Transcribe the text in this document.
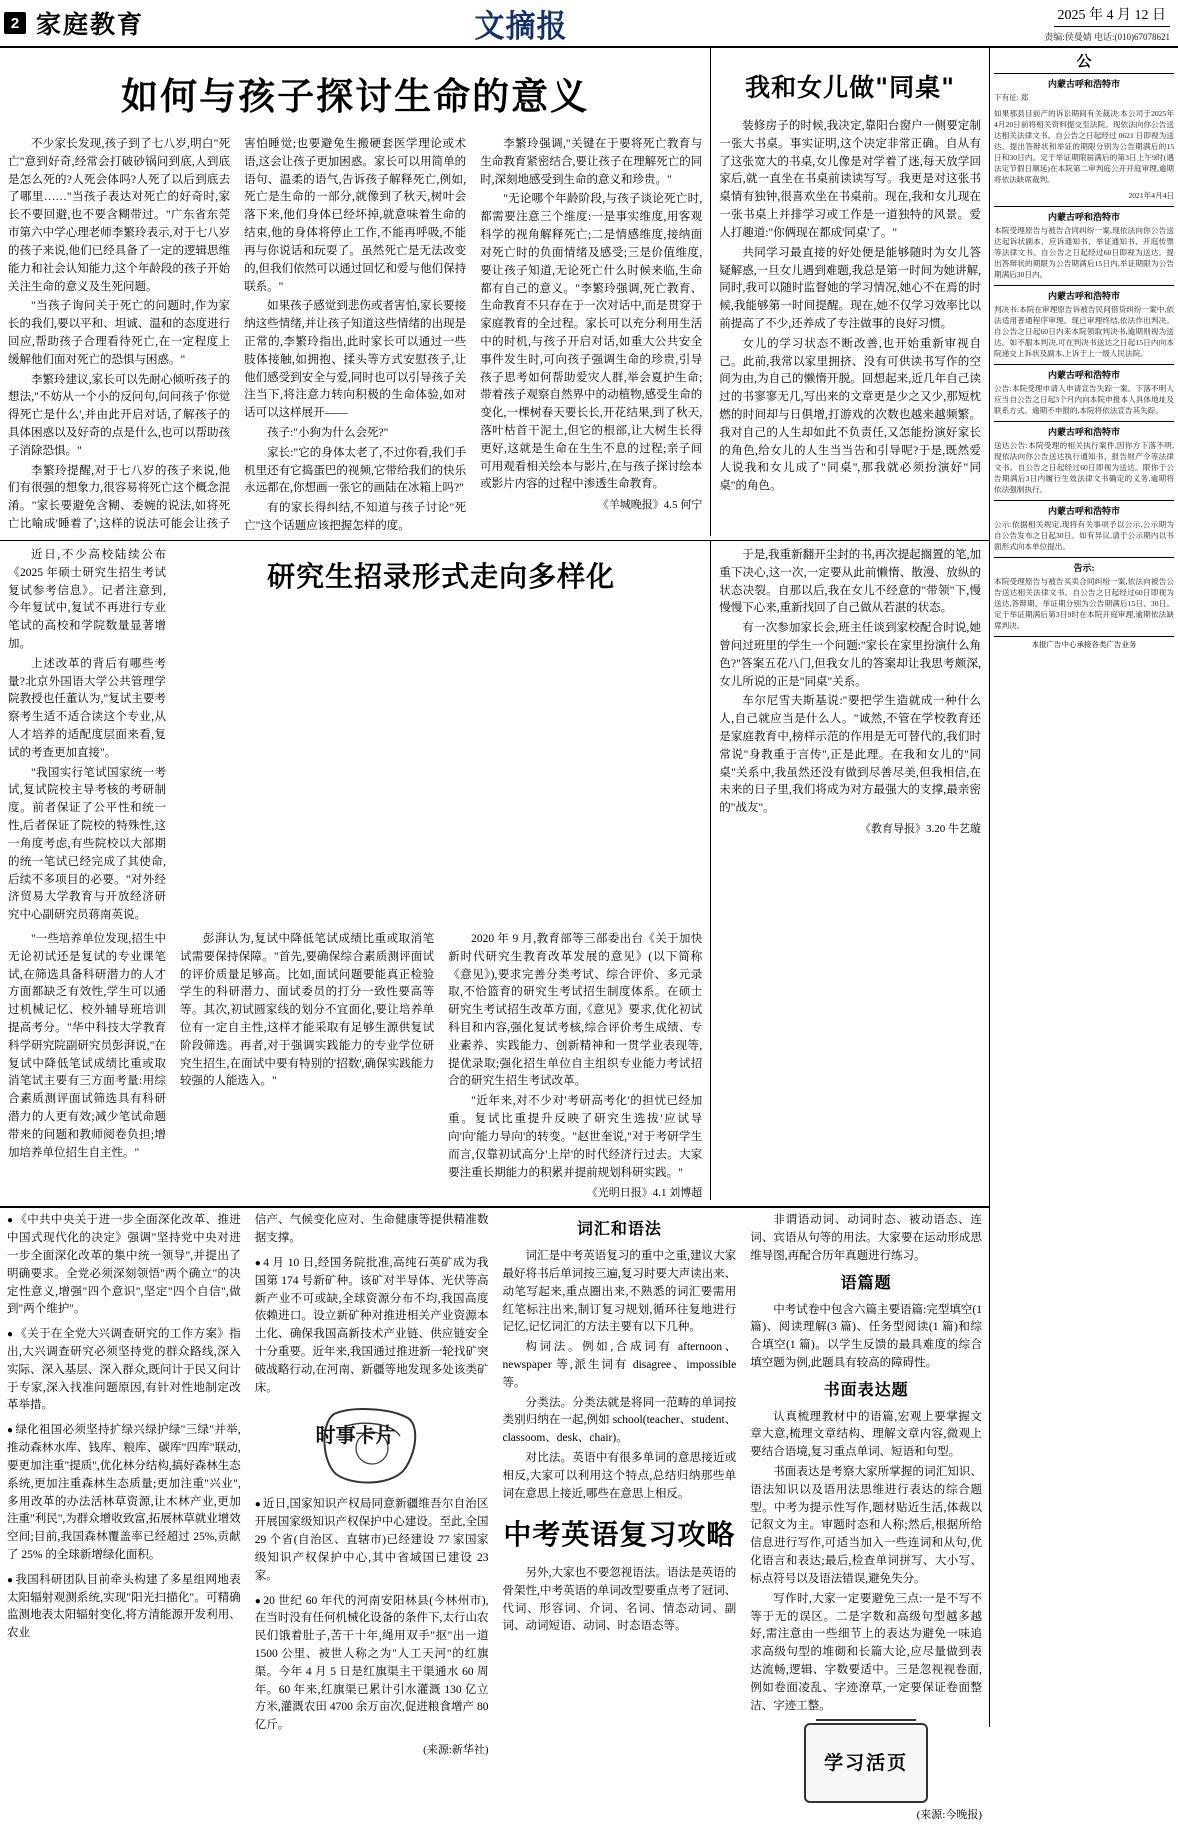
2 家庭教育	文摘报	2025 年 4 月 12 日
责编:侯曼婧 电话:(010)67078621
如何与孩子探讨生命的意义

不少家长发现,孩子到了七八岁,明白"死亡"意到好奇,经常会打破砂锅问到底,人到底是怎么死的?人死会体吗?人死了以后到底去了哪里……"当孩子表达对死亡的好奇时,家长不要回避,也不要含糊带过。"广东省东莞市第六中学心理老师李繁玲表示,对于七八岁的孩子来说,他们已经具备了一定的逻辑思维能力和社会认知能力,这个年龄段的孩子开始关注生命的意义及生死问题。

"当孩子询问关于死亡的问题时,作为家长的我们,要以平和、坦诚、温和的态度进行回应,帮助孩子合理看待死亡,在一定程度上缓解他们面对死亡的恐惧与困惑。"

李繁玲建议,家长可以先耐心倾听孩子的想法,"不妨从一个小的反问句,问问孩子'你觉得死亡是什么',并由此开启对话,了解孩子的具体困惑以及好奇的点是什么,也可以帮助孩子消除恐惧。"

李繁玲提醒,对于七八岁的孩子来说,他们有很强的想象力,很容易将死亡这个概念混淆。"家长要避免含糊、委婉的说法,如将死亡比喻成'睡着了',这样的说法可能会让孩子害怕睡觉;也要避免生搬硬套医学理论或术语,这会让孩子更加困惑。家长可以用简单的语句、温柔的语气,告诉孩子解释死亡,例如,死亡是生命的一部分,就像到了秋天,树叶会落下来,他们身体已经坏掉,就意味着生命的结束,他的身体将停止工作,不能再呼吸,不能再与你说话和玩耍了。虽然死亡是无法改变的,但我们依然可以通过回忆和爱与他们保持联系。"

如果孩子感觉到悲伤或者害怕,家长要接纳这些情绪,并让孩子知道这些情绪的出现是正常的,李繁玲指出,此时家长可以通过一些肢体接触,如拥抱、揉头等方式安慰孩子,让他们感受到安全与爱,同时也可以引导孩子关注当下,将注意力转向积极的生命体验,如对话可以这样展开——

孩子:"小狗为什么会死?"

家长:"它的身体太老了,不过你看,我们手机里还有它捣蛋巴的视频,它带给我们的快乐永远都在,你想画一张它的画陆在冰箱上吗?"

有的家长得纠结,不知道与孩子讨论"死亡"这个话题应该把握怎样的度。

李繁玲强调,"关键在于要将死亡教育与生命教育紧密结合,要让孩子在理解死亡的同时,深刻地感受到生命的意义和珍贵。"

"无论哪个年龄阶段,与孩子谈论死亡时,都需要注意三个维度:一是事实维度,用客观科学的视角解释死亡;二是情感维度,接纳面对死亡时的负面情绪及感受;三是价值维度,要让孩子知道,无论死亡什么时候来临,生命都有自己的意义。"李繁玲强调,死亡教育、生命教育不只存在于一次对话中,而是贯穿于家庭教育的全过程。家长可以充分利用生活中的时机,与孩子开启对话,如重大公共安全事件发生时,可向孩子强调生命的珍贵,引导孩子思考如何帮助爱灾人群,举会夏护生命;带着孩子观察自然界中的动植物,感受生命的变化,一棵树春天要长长,开花结果,到了秋天,落叶枯首干泥土,但它的根部,让大树生长得更好,这就是生命在生生不息的过程;亲子间可用观看相关绘本与影片,在与孩子探讨绘本或影片内容的过程中渗透生命教育。

《羊城晚报》4.5 何宁

我和女儿做"同桌"

装修房子的时候,我决定,靠阳台窗户一侧要定制一张大书桌。事实证明,这个决定非常正确。自从有了这张宽大的书桌,女儿像是对学着了迷,每天放学回家后,就一直坐在书桌前读读写写。我更是对这张书桌情有独钟,很喜欢坐在书桌前。现在,我和女儿现在一张书桌上并排学习或工作是一道独特的风景。爱人打趣道:"你俩现在都成'同桌'了。"

共同学习最直接的好处便是能够随时为女儿答疑解惑,一旦女儿遇到难题,我总是第一时间为她讲解,同时,我可以随时监督她的学习情况,她心不在焉的时候,我能够第一时间提醒。现在,她不仅学习效率比以前提高了不少,还养成了专注做事的良好习惯。

女儿的学习状态不断改善,也开始重新审视自己。此前,我常以家里拥挤、没有可供读书写作的空间为由,为自己的懒惰开脱。回想起来,近几年自己读过的书寥寥无几,写出来的文章更是少之又少,那短枕燃的时间却与日俱增,打游戏的次数也越来越频繁。我对自己的人生却如此不负责任,又怎能扮演好家长的角色,给女儿的人生当当告和引导呢?于是,既然爱人说我和女儿成了"同桌",那我就必须扮演好"同桌"的角色。

近日,不少高校陆续公布《2025 年硕士研究生招生考试复试参考信息》。记者注意到,今年复试中,复试不再进行专业笔试的高校和学院数量显著增加。

上述改革的背后有哪些考量?北京外国语大学公共管理学院教授也任董认为,"复试主要考察考生适不适合读这个专业,从人才培养的适配度层面来看,复试的考查更加直接"。

"我国实行笔试国家统一考试,复试院校主导考核的考研制度。前者保证了公平性和统一性,后者保证了院校的特殊性,这一角度考虑,有些院校以大部期的统一笔试已经完成了其使命,后续不多项目的必要。"对外经济贸易大学教育与开放经济研究中心副研究员蒋南英说。

研究生招录形式走向多样化

"一些培养单位发现,招生中无论初试还是复试的专业课笔试,在筛选具备科研潜力的人才方面都缺乏有效性,学生可以通过机械记忆、校外辅导班培训提高考分。"华中科技大学教育科学研究院副研究员彭湃说,"在复试中降低笔试成绩比重或取消笔试主要有三方面考量:用综合素质测评面试筛选具有科研潜力的人更有效;减少笔试命题带来的问题和教师阅卷负担;增加培养单位招生自主性。"

彭湃认为,复试中降低笔试成绩比重或取消笔试需要保持保障。"首先,要确保综合素质测评面试的评价质量足够高。比如,面试问题要能真正检验学生的科研潜力、面试委员的打分一致性要高等等。其次,初试圆家线的划分不宜面化,要让培养单位有一定自主性,这样才能采取有足够生源供复试阶段筛选。再者,对于强调实践能力的专业学位研究生招生,在面试中要有特别的'招数',确保实践能力较强的人能选入。"

2020 年 9 月,教育部等三部委出台《关于加快新时代研究生教育改革发展的意见》(以下简称《意见》),要求完善分类考试、综合评价、多元录取,不恰篮育的研究生考试招生制度体系。在硕士研究生考试招生改革方面,《意见》要求,优化初试科目和内容,强化复试考核,综合评价考生成绩、专业素养、实践能力、创新精神和一贯学业表现等,提优录取;强化招生单位自主组织专业能力考试招合的研究生招生考试改革。

"近年来,对不少对'考研高考化'的担忧已经加重。复试比重提升反映了研究生选拔'应试导向'向'能力导向'的转变。"赵世奎说,"对于考研学生而言,仅靠初试高分'上岸'的时代经济行过去。大家要注重长期能力的积累并提前规划科研实践。"

《光明日报》4.1 刘博超

于是,我重新翻开尘封的书,再次提起搁置的笔,加重下决心,这一次,一定要从此前懒惰、散漫、放纵的状态决裂。自那以后,我在女儿不经意的"带领"下,慢慢慢下心来,重新找回了自己做从若湛的状态。

有一次参加家长会,班主任谈到家校配合时说,她曾问过班里的学生一个问题:"家长在家里扮演什么角色?"答案五花八门,但我女儿的答案却让我思考颇深,女儿所说的正是"同桌"关系。

车尔尼雪夫斯基说:"要把学生造就成一种什么人,自己就应当是什么人。"诚然,不管在学校教育还是家庭教育中,榜样示范的作用是无可替代的,我们时常说"身教重于言传",正是此理。在我和女儿的"同桌"关系中,我虽然还没有做到尽善尽美,但我相信,在未来的日子里,我们将成为对方最强大的支撑,最亲密的"战友"。

《教育导报》3.20 牛艺璇

● 《中共中央关于进一步全面深化改革、推进中国式现代化的决定》强调"坚持党中央对进一步全面深化改革的集中统一领导",并提出了明确要求。全党必须深刻领悟"两个确立"的决定性意义,增强"四个意识",坚定"四个自信",做到"两个维护"。

● 《关于在全党大兴调查研究的工作方案》指出,大兴调查研究必须坚持党的群众路线,深入实际、深入基层、深入群众,既问计于民又问计于专家,深入找准问题原因,有针对性地制定改革举措。

● 绿化祖国必须坚持扩绿兴绿护绿"三绿"并举,推动森林水库、钱库、粮库、碳库"四库"联动,要更加注重"提质",优化林分结构,搞好森林生态系统,更加注重森林生态质量;更加注重"兴业",多用改革的办法活林草资源,让木林产业,更加注重"利民",为群众增收致富,拓展林草就业增效空间;目前,我国森林覆盖率已经超过 25%,贡献了 25% 的全球新增绿化面积。

● 我国科研团队目前牵头构建了多星组网地表太阳辐射观测系统,实现"阳光扫描化"。可精确监测地表太阳辐射变化,将方清能源开发利用、农业

信产、气候变化应对、生命健康等提供精准数据支撑。

● 4 月 10 日,经国务院批准,高纯石英矿成为我国第 174 号新矿种。该矿对半导体、光伏等高新产业不可或缺,全球资源分布不均,我国高度依赖进口。设立新矿种对推进相关产业资源本土化、确保我国高新技术产业链、供应链安全十分重要。近年来,我国通过推进新一轮找矿突破战略行动,在河南、新疆等地发现多处该类矿床。

时事卡片

● 近日,国家知识产权局同意新疆维吾尔自治区开展国家级知识产权保护中心建设。至此,全国 29 个省(自治区、直辖市)已经建设 77 家国家级知识产权保护中心,其中省域国已建设 23 家。

● 20 世纪 60 年代的河南安阳林县(今林州市),在当时没有任何机械化设备的条件下,太行山农民们饿着肚子,苦干十年,绳用双手"抠"出一道 1500 公里、被世人称之为"人工天河"的红旗渠。今年 4 月 5 日是红旗渠主干渠通水 60 周年。60 年来,红旗渠已累计引水灌溉 130 亿立方米,灌溉农田 4700 余万亩次,促进粮食增产 80 亿斤。

(来源:新华社)

词汇和语法

词汇是中考英语复习的重中之重,建议大家最好将书后单词按三遍,复习时要大声读出来、动笔写起来,重点圈出来,不熟悉的词汇要需用红笔标注出来,制订复习规划,循环往复地进行记忆,记忆词汇的方法主要有以下几种。

构词法。例如,合成词有 afternoon、newspaper 等,派生词有 disagree、impossible 等。

分类法。分类法就是将同一范畴的单词按类别归纳在一起,例如 school(teacher、student、classoom、desk、chair)。

对比法。英语中有很多单词的意思接近或相反,大家可以利用这个特点,总结归纳那些单词在意思上接近,哪些在意思上相反。

中考英语复习攻略

另外,大家也不要忽视语法。语法是英语的骨架性,中考英语的单词改型要重点考了冠词、代词、形容词、介词、名词、情态动词、副词、动词短语、动词、时态语态等。

非谓语动词、动词时态、被动语态、连词、宾语从句等的用法。大家要在运动形成思维导图,再配合历年真题进行练习。

语篇题

中考试卷中包含六篇主要语篇:完型填空(1 篇)、阅读理解(3 篇)、任务型阅读(1 篇)和综合填空(1 篇)。以学生反馈的最具难度的综合填空题为例,此题具有较高的障碍性。

书面表达题

认真梳理教材中的语篇,宏观上要掌握文章大意,梳理文章结构、理解文章内容,微观上要结合语境,复习重点单词、短语和句型。

书面表达是考察大家所掌握的词汇知识、语法知识以及语用法思维进行表达的综合题型。中考为提示性写作,题材贴近生活,体裁以记叙文为主。审题时态和人称;然后,根据所给信息进行写作,可适当加入一些连词和从句,优化语言和表达;最后,检查单词拼写、大小写、标点符号以及语法错误,避免失分。

写作时,大家一定要避免三点:一是不写不等于无的误区。二是字数和高级句型越多越好,需注意由一些细节上的表达为避免一味追求高级句型的堆砌和长篇大论,应尽量做到表达流畅,逻辑、字数要适中。三是忽视视卷面,例如卷面凌乱、字迹潦草,一定要保证卷面整洁、字迹工整。

学习活页

(来源:今晚报)

公
内蒙古呼和浩特市
下有征: 郑
如果那县目前产的诉讼期间有关裁决:本公司于2025年4月20日前将相关资料提交至法院。现依法向你公告送达相关法律文书。自公告之日起经过 0621 日即视为送达。提出答辩状和举证的期限分别为公告期满后的15日和30日内。定于举证期限届满后的第3日上午9时(遇法定节假日顺延)在本院第二审判庭公开开庭审理,逾期将依法缺席裁判。
2021年4月4日
内蒙古呼和浩特市
本院受理原告与被告合同纠纷一案,现依法向你公告送达起诉状副本、应诉通知书、举证通知书、开庭传票等法律文书。自公告之日起经过60日即视为送达。提出答辩状的期限为公告期满后15日内,举证期限为公告期满后30日内。
内蒙古呼和浩特市
判决书:本院在审理原告诉被告民间借贷纠纷一案中,依法适用普通程序审理。现已审理终结,依法作出判决。自公告之日起60日内来本院领取判决书,逾期则视为送达。如不服本判决,可在判决书送达之日起15日内向本院递交上诉状及副本,上诉于上一级人民法院。
内蒙古呼和浩特市
公告:本院受理申请人申请宣告失踪一案。下落不明人应当自公告之日起3个月内向本院申报本人具体地址及联系方式。逾期不申报的,本院将依法宣告其失踪。
内蒙古呼和浩特市
送达公告:本院受理的相关执行案件,因你方下落不明,现依法向你公告送达执行通知书、报告财产令等法律文书。自公告之日起经过60日即视为送达。限你于公告期满后3日内履行生效法律文书确定的义务,逾期将依法强制执行。
内蒙古呼和浩特市
公示:依据相关规定,现将有关事项予以公示,公示期为自公告发布之日起30日。如有异议,请于公示期内以书面形式向本单位提出。
告示:
本院受理原告与被告买卖合同纠纷一案,依法向被告公告送达相关法律文书。自公告之日起经过60日即视为送达,答辩期、举证期分别为公告期满后15日、30日。定于举证期满后第3日9时在本院开庭审理,逾期依法缺席判决。
本报广告中心承接各类广告业务
